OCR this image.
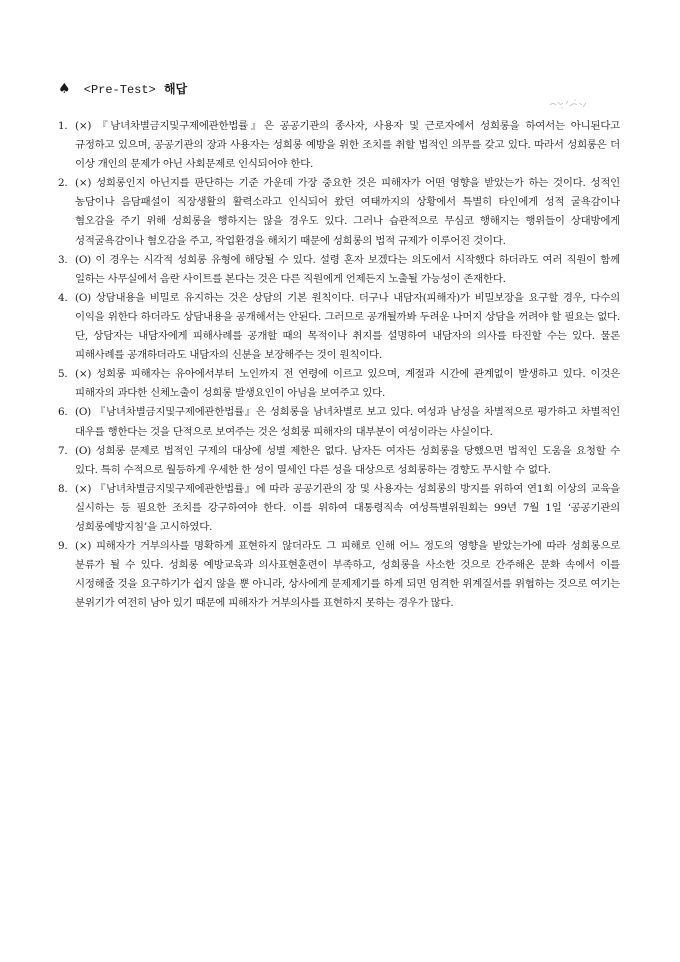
♠ <Pre-Test> 해답
1. (×) 『남녀차별금지및구제에관한법률』은 공공기관의 종사자, 사용자 및 근로자에서 성희롱을 하여서는 아니된다고 규정하고 있으며, 공공기관의 장과 사용자는 성희롱 예방을 위한 조치를 취할 법적인 의무를 갖고 있다. 따라서 성희롱은 더 이상 개인의 문제가 아닌 사회문제로 인식되어야 한다.
2. (×) 성희롱인지 아닌지를 판단하는 기준 가운데 가장 중요한 것은 피해자가 어떤 영향을 받았는가 하는 것이다. 성적인 농담이나 음담패설이 직장생활의 활력소라고 인식되어 왔던 여태까지의 상황에서 특별히 타인에게 성적 굴욕감이나 혐오감을 주기 위해 성희롱을 행하지는 않을 경우도 있다. 그러나 습관적으로 무심코 행해지는 행위들이 상대방에게 성적굴욕감이나 혐오감을 주고, 작업환경을 해치기 때문에 성희롱의 법적 규제가 이루어진 것이다.
3. (O) 이 경우는 시각적 성희롱 유형에 해당될 수 있다. 설령 혼자 보겠다는 의도에서 시작했다 하더라도 여러 직원이 함께 일하는 사무실에서 음란 사이트를 본다는 것은 다른 직원에게 언제든지 노출될 가능성이 존재한다.
4. (O) 상담내용을 비밀로 유지하는 것은 상담의 기본 원칙이다. 더구나 내담자(피해자)가 비밀보장을 요구할 경우, 다수의 이익을 위한다 하더라도 상담내용을 공개해서는 안된다. 그러므로 공개될까봐 두려운 나머지 상담을 꺼려야 할 필요는 없다. 단, 상담자는 내담자에게 피해사례를 공개할 때의 목적이나 취지를 설명하여 내담자의 의사를 타진할 수는 있다. 물론 피해사례를 공개하더라도 내담자의 신분을 보장해주는 것이 원칙이다.
5. (×) 성희롱 피해자는 유아에서부터 노인까지 전 연령에 이르고 있으며, 계절과 시간에 관계없이 발생하고 있다. 이것은 피해자의 과다한 신체노출이 성희롱 발생요인이 아님을 보여주고 있다.
6. (O) 『남녀차별금지및구제에관한법률』은 성희롱을 남녀차별로 보고 있다. 여성과 남성을 차별적으로 평가하고 차별적인 대우를 행한다는 것을 단적으로 보여주는 것은 성희롱 피해자의 대부분이 여성이라는 사실이다.
7. (O) 성희롱 문제로 법적인 구제의 대상에 성별 제한은 없다. 남자든 여자든 성희롱을 당했으면 법적인 도움을 요청할 수 있다. 특히 수적으로 월등하게 우세한 한 성이 열세인 다른 성을 대상으로 성희롱하는 경향도 무시할 수 없다.
8. (×) 『남녀차별금지및구제에관한법률』에 따라 공공기관의 장 및 사용자는 성희롱의 방지를 위하여 연1회 이상의 교육을 실시하는 등 필요한 조치를 강구하여야 한다. 이를 위하여 대통령직속 여성특별위원회는 99년 7월 1일 ‘공공기관의 성희롱예방지침’을 고시하였다.
9. (×) 피해자가 거부의사를 명확하게 표현하지 않더라도 그 피해로 인해 어느 정도의 영향을 받았는가에 따라 성희롱으로 분류가 될 수 있다. 성희롱 예방교육과 의사표현훈련이 부족하고, 성희롱을 사소한 것으로 간주해온 문화 속에서 이를 시정해줄 것을 요구하기가 쉽지 않을 뿐 아니라, 상사에게 문제제기를 하게 되면 엄격한 위계질서를 위협하는 것으로 여기는 분위기가 여전히 남아 있기 때문에 피해자가 거부의사를 표현하지 못하는 경우가 많다.
